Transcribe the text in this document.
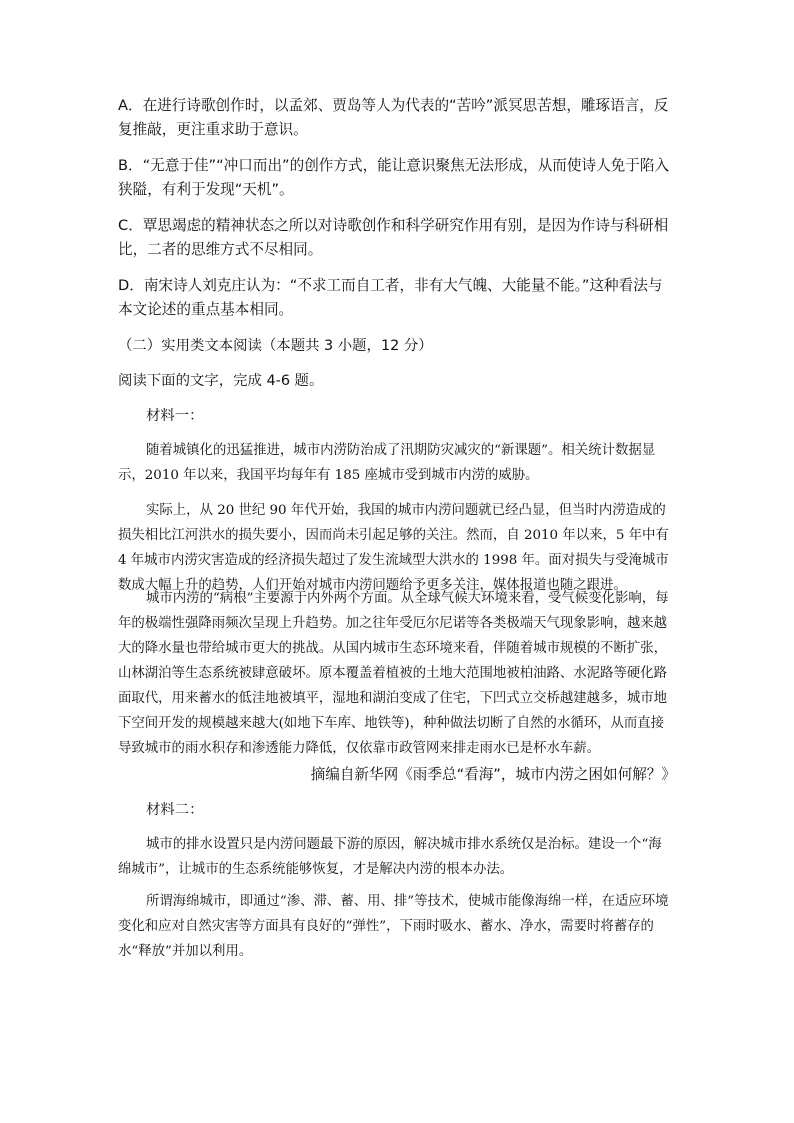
A．在进行诗歌创作时，以孟郊、贾岛等人为代表的“苦吟”派冥思苦想，雕琢语言，反复推敲，更注重求助于意识。

B．“无意于佳”“冲口而出”的创作方式，能让意识聚焦无法形成，从而使诗人免于陷入狭隘，有利于发现“天机”。

C．覃思竭虑的精神状态之所以对诗歌创作和科学研究作用有别，是因为作诗与科研相比，二者的思维方式不尽相同。

D．南宋诗人刘克庄认为：“不求工而自工者，非有大气魄、大能量不能。”这种看法与本文论述的重点基本相同。

（二）实用类文本阅读（本题共 3 小题，12 分）

阅读下面的文字，完成 4-6 题。

材料一：

随着城镇化的迅猛推进，城市内涝防治成了汛期防灾减灾的“新课题”。相关统计数据显示，2010 年以来，我国平均每年有 185 座城市受到城市内涝的威胁。

实际上，从 20 世纪 90 年代开始，我国的城市内涝问题就已经凸显，但当时内涝造成的损失相比江河洪水的损失要小，因而尚未引起足够的关注。然而，自 2010 年以来，5 年中有 4 年城市内涝灾害造成的经济损失超过了发生流域型大洪水的 1998 年。面对损失与受淹城市数成大幅上升的趋势，人们开始对城市内涝问题给予更多关注，媒体报道也随之跟进。

城市内涝的“病根”主要源于内外两个方面。从全球气候大环境来看，受气候变化影响，每年的极端性强降雨频次呈现上升趋势。加之往年受厄尔尼诺等各类极端天气现象影响，越来越大的降水量也带给城市更大的挑战。从国内城市生态环境来看，伴随着城市规模的不断扩张，山林湖泊等生态系统被肆意破坏。原本覆盖着植被的土地大范围地被柏油路、水泥路等硬化路面取代，用来蓄水的低洼地被填平，湿地和湖泊变成了住宅，下凹式立交桥越建越多，城市地下空间开发的规模越来越大(如地下车库、地铁等)，种种做法切断了自然的水循环，从而直接导致城市的雨水积存和渗透能力降低，仅依靠市政管网来排走雨水已是杯水车薪。

摘编自新华网《雨季总“看海”，城市内涝之困如何解？》

材料二：

城市的排水设置只是内涝问题最下游的原因，解决城市排水系统仅是治标。建设一个“海绵城市”，让城市的生态系统能够恢复，才是解决内涝的根本办法。

所谓海绵城市，即通过“渗、滞、蓄、用、排”等技术，使城市能像海绵一样，在适应环境变化和应对自然灾害等方面具有良好的“弹性”，下雨时吸水、蓄水、净水，需要时将蓄存的水“释放”并加以利用。
